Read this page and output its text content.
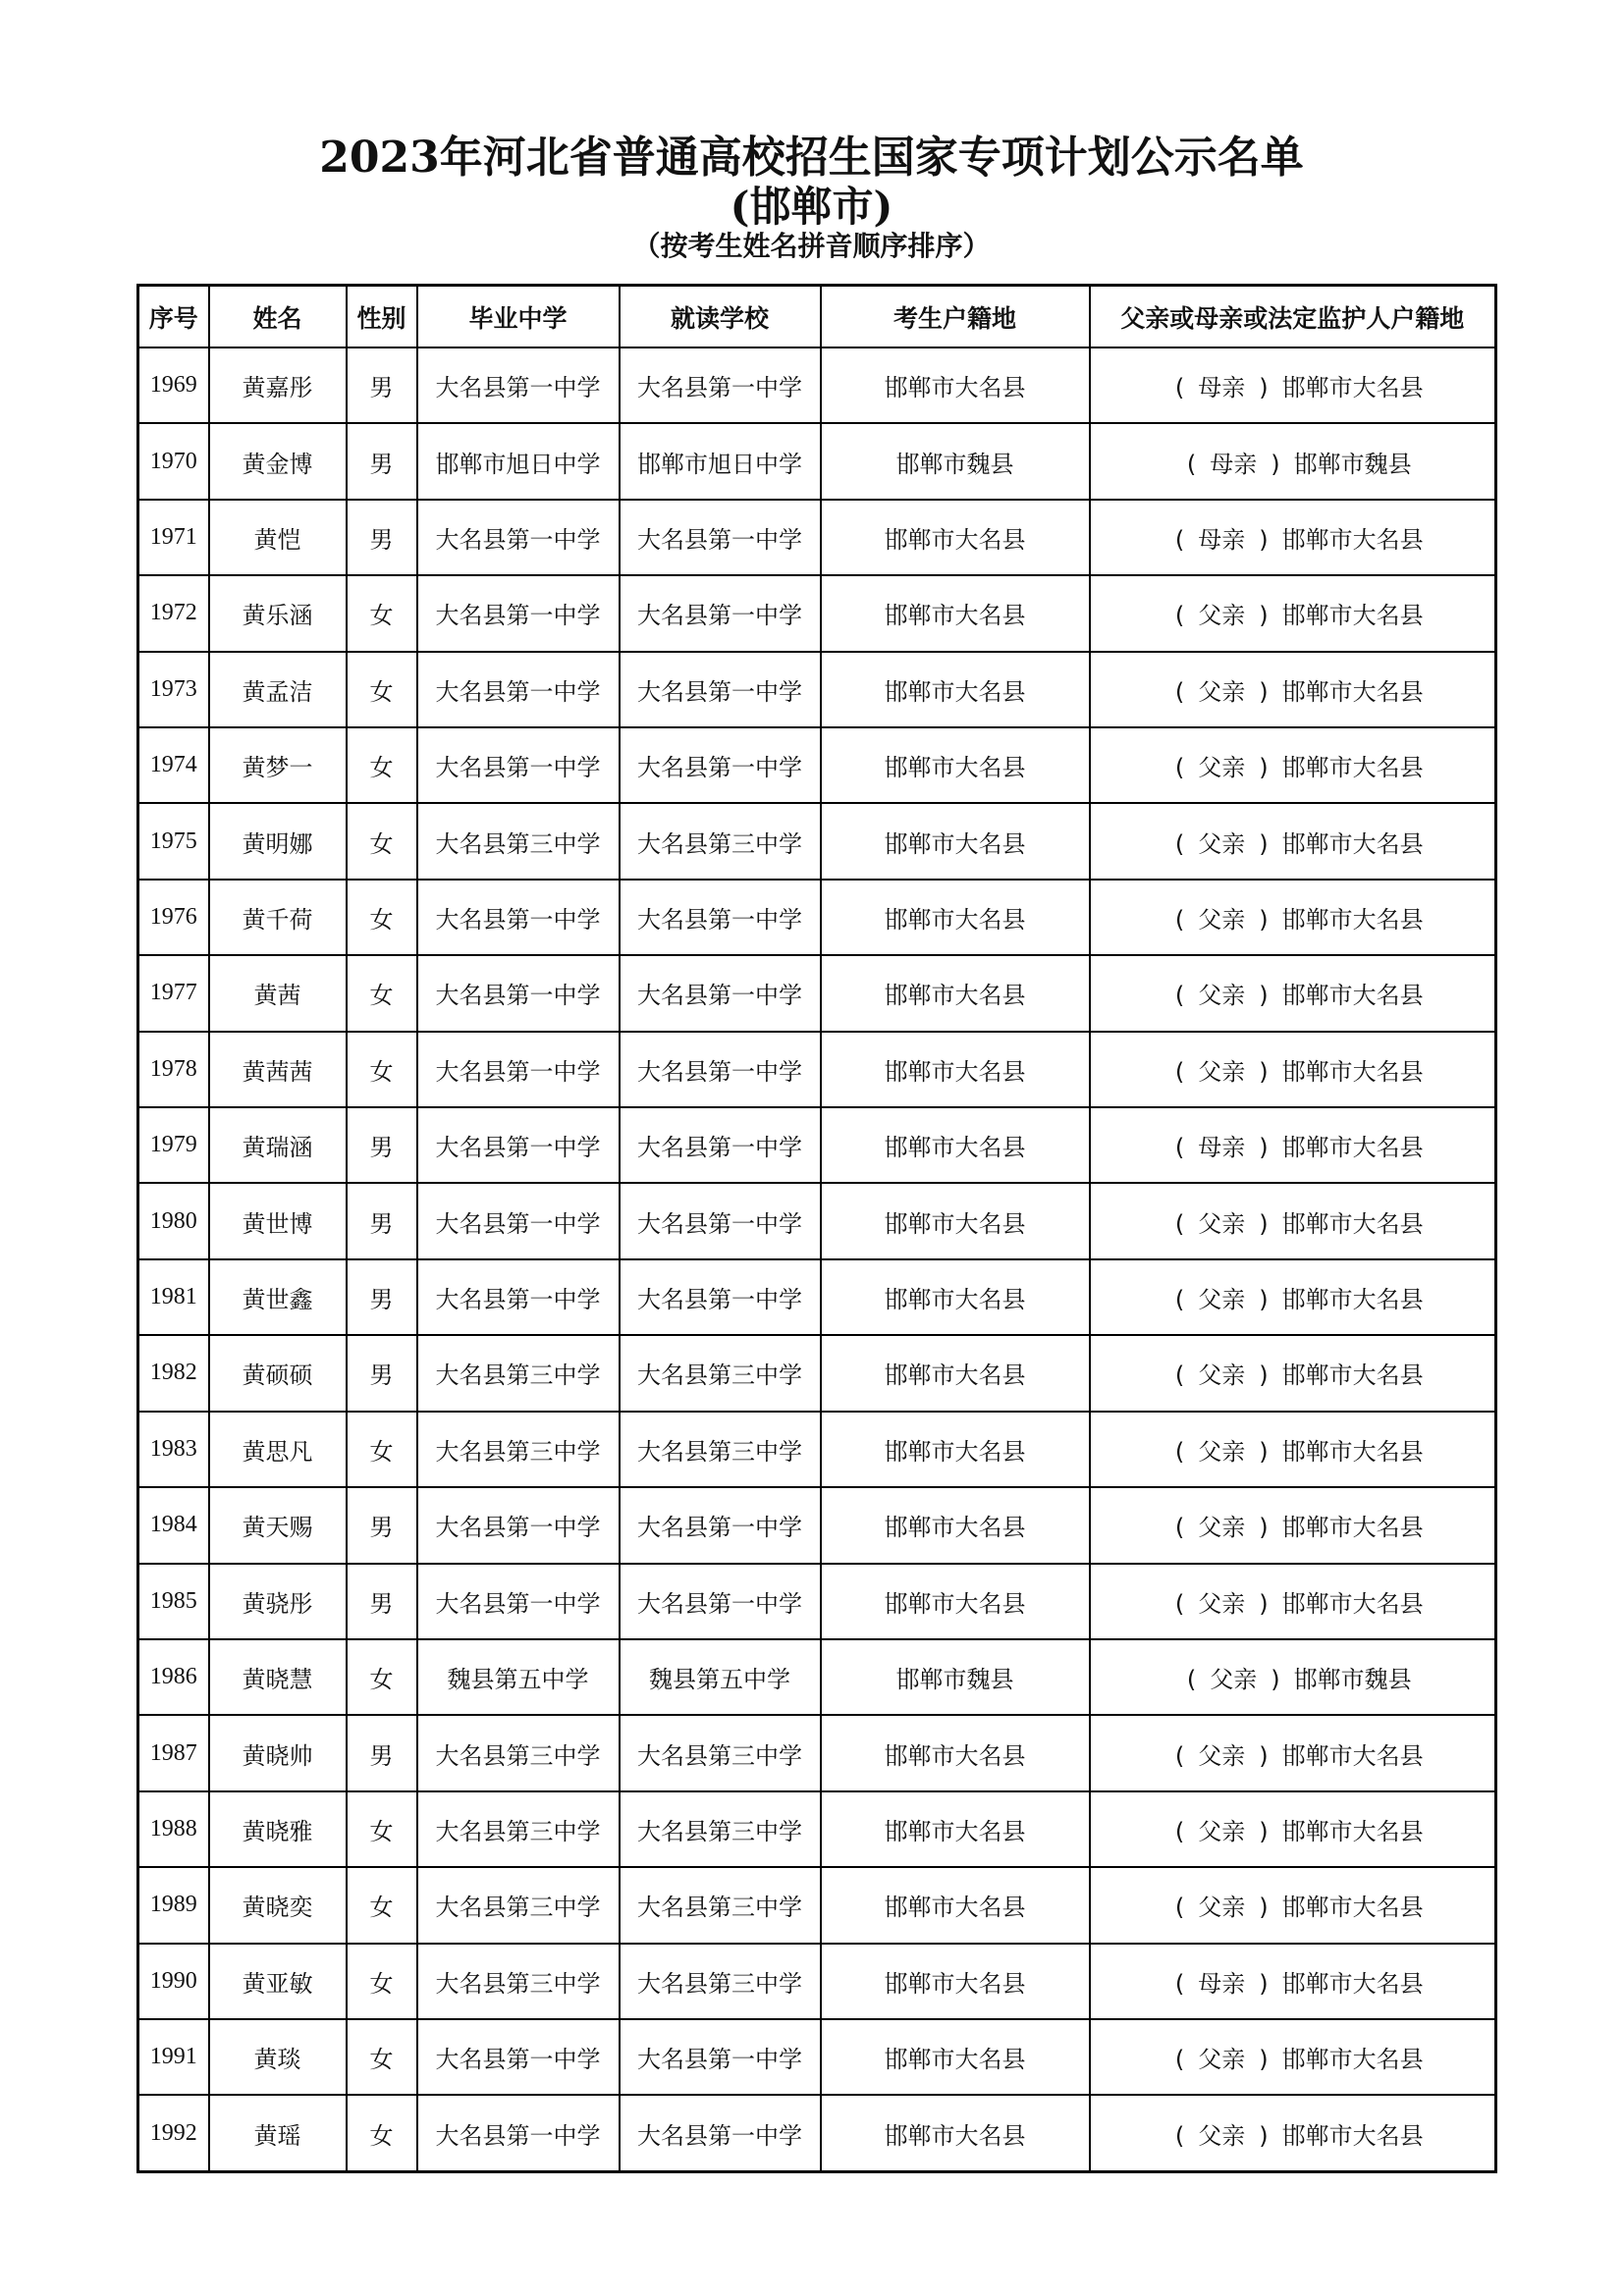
2023年河北省普通高校招生国家专项计划公示名单
(邯郸市)
（按考生姓名拼音顺序排序）
序号	姓名	性别	毕业中学	就读学校	考生户籍地	父亲或母亲或法定监护人户籍地
1969	黄嘉彤	男	大名县第一中学	大名县第一中学	邯郸市大名县	( 母亲 ) 邯郸市大名县
1970	黄金博	男	邯郸市旭日中学	邯郸市旭日中学	邯郸市魏县	( 母亲 ) 邯郸市魏县
1971	黄恺	男	大名县第一中学	大名县第一中学	邯郸市大名县	( 母亲 ) 邯郸市大名县
1972	黄乐涵	女	大名县第一中学	大名县第一中学	邯郸市大名县	( 父亲 ) 邯郸市大名县
1973	黄孟洁	女	大名县第一中学	大名县第一中学	邯郸市大名县	( 父亲 ) 邯郸市大名县
1974	黄梦一	女	大名县第一中学	大名县第一中学	邯郸市大名县	( 父亲 ) 邯郸市大名县
1975	黄明娜	女	大名县第三中学	大名县第三中学	邯郸市大名县	( 父亲 ) 邯郸市大名县
1976	黄千荷	女	大名县第一中学	大名县第一中学	邯郸市大名县	( 父亲 ) 邯郸市大名县
1977	黄茜	女	大名县第一中学	大名县第一中学	邯郸市大名县	( 父亲 ) 邯郸市大名县
1978	黄茜茜	女	大名县第一中学	大名县第一中学	邯郸市大名县	( 父亲 ) 邯郸市大名县
1979	黄瑞涵	男	大名县第一中学	大名县第一中学	邯郸市大名县	( 母亲 ) 邯郸市大名县
1980	黄世博	男	大名县第一中学	大名县第一中学	邯郸市大名县	( 父亲 ) 邯郸市大名县
1981	黄世鑫	男	大名县第一中学	大名县第一中学	邯郸市大名县	( 父亲 ) 邯郸市大名县
1982	黄硕硕	男	大名县第三中学	大名县第三中学	邯郸市大名县	( 父亲 ) 邯郸市大名县
1983	黄思凡	女	大名县第三中学	大名县第三中学	邯郸市大名县	( 父亲 ) 邯郸市大名县
1984	黄天赐	男	大名县第一中学	大名县第一中学	邯郸市大名县	( 父亲 ) 邯郸市大名县
1985	黄骁彤	男	大名县第一中学	大名县第一中学	邯郸市大名县	( 父亲 ) 邯郸市大名县
1986	黄晓慧	女	魏县第五中学	魏县第五中学	邯郸市魏县	( 父亲 ) 邯郸市魏县
1987	黄晓帅	男	大名县第三中学	大名县第三中学	邯郸市大名县	( 父亲 ) 邯郸市大名县
1988	黄晓雅	女	大名县第三中学	大名县第三中学	邯郸市大名县	( 父亲 ) 邯郸市大名县
1989	黄晓奕	女	大名县第三中学	大名县第三中学	邯郸市大名县	( 父亲 ) 邯郸市大名县
1990	黄亚敏	女	大名县第三中学	大名县第三中学	邯郸市大名县	( 母亲 ) 邯郸市大名县
1991	黄琰	女	大名县第一中学	大名县第一中学	邯郸市大名县	( 父亲 ) 邯郸市大名县
1992	黄瑶	女	大名县第一中学	大名县第一中学	邯郸市大名县	( 父亲 ) 邯郸市大名县
